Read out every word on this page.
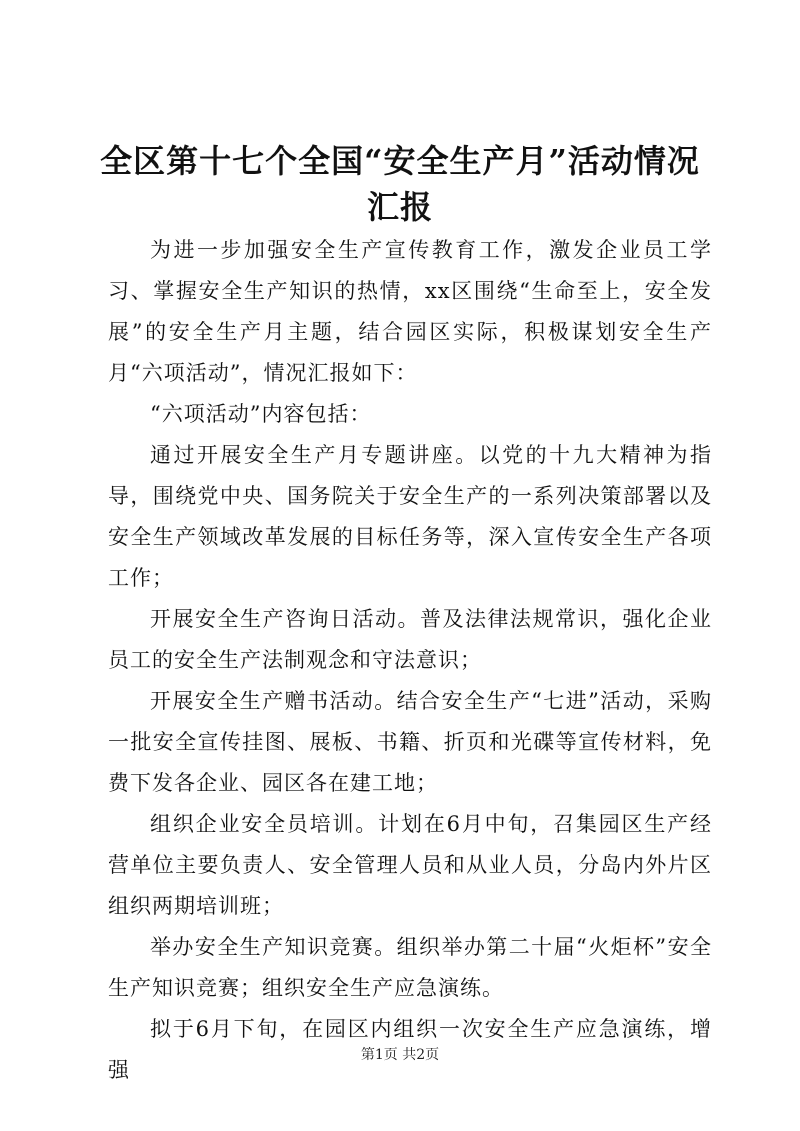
全区第十七个全国“安全生产月”活动情况汇报

为进一步加强安全生产宣传教育工作，激发企业员工学习、掌握安全生产知识的热情，xx区围绕“生命至上，安全发展”的安全生产月主题，结合园区实际，积极谋划安全生产月“六项活动”，情况汇报如下：

“六项活动”内容包括：

通过开展安全生产月专题讲座。以党的十九大精神为指导，围绕党中央、国务院关于安全生产的一系列决策部署以及安全生产领域改革发展的目标任务等，深入宣传安全生产各项工作；

开展安全生产咨询日活动。普及法律法规常识，强化企业员工的安全生产法制观念和守法意识；

开展安全生产赠书活动。结合安全生产“七进”活动，采购一批安全宣传挂图、展板、书籍、折页和光碟等宣传材料，免费下发各企业、园区各在建工地；

组织企业安全员培训。计划在6月中旬，召集园区生产经营单位主要负责人、安全管理人员和从业人员，分岛内外片区组织两期培训班；

举办安全生产知识竞赛。组织举办第二十届“火炬杯”安全生产知识竞赛；组织安全生产应急演练。

拟于6月下旬，在园区内组织一次安全生产应急演练，增强

第1页 共2页
